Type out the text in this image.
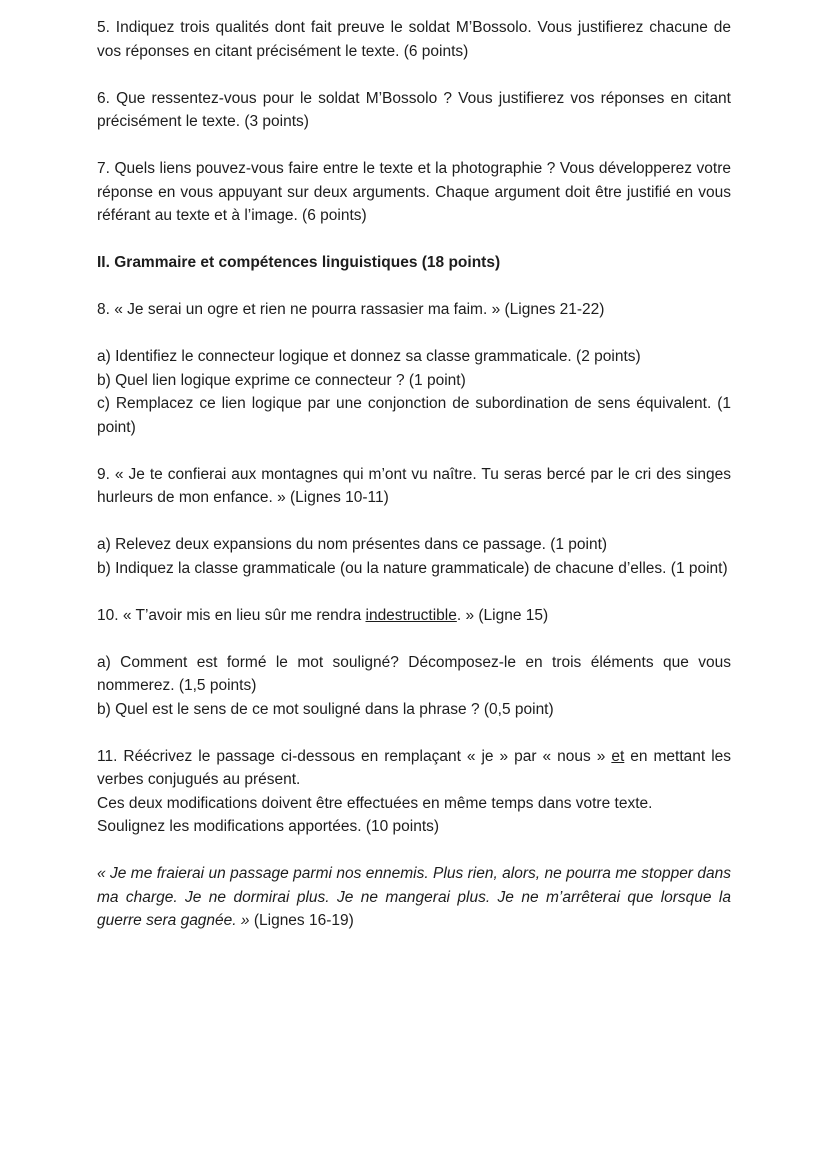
5. Indiquez trois qualités dont fait preuve le soldat M’Bossolo. Vous justifierez chacune de vos réponses en citant précisément le texte. (6 points)

6. Que ressentez-vous pour le soldat M’Bossolo ? Vous justifierez vos réponses en citant précisément le texte. (3 points)

7. Quels liens pouvez-vous faire entre le texte et la photographie ? Vous développerez votre réponse en vous appuyant sur deux arguments. Chaque argument doit être justifié en vous référant au texte et à l’image. (6 points)

II. Grammaire et compétences linguistiques (18 points)

8. « Je serai un ogre et rien ne pourra rassasier ma faim. » (Lignes 21-22)

a) Identifiez le connecteur logique et donnez sa classe grammaticale. (2 points)
b) Quel lien logique exprime ce connecteur ? (1 point)
c) Remplacez ce lien logique par une conjonction de subordination de sens équivalent. (1 point)

9. « Je te confierai aux montagnes qui m’ont vu naître. Tu seras bercé par le cri des singes hurleurs de mon enfance. » (Lignes 10-11)

a) Relevez deux expansions du nom présentes dans ce passage. (1 point)
b) Indiquez la classe grammaticale (ou la nature grammaticale) de chacune d’elles. (1 point)

10. « T’avoir mis en lieu sûr me rendra indestructible. » (Ligne 15)

a) Comment est formé le mot souligné? Décomposez-le en trois éléments que vous nommerez. (1,5 points)
b) Quel est le sens de ce mot souligné dans la phrase ? (0,5 point)

11. Réécrivez le passage ci-dessous en remplaçant « je » par « nous » et en mettant les verbes conjugués au présent.
Ces deux modifications doivent être effectuées en même temps dans votre texte.
Soulignez les modifications apportées. (10 points)

« Je me fraierai un passage parmi nos ennemis. Plus rien, alors, ne pourra me stopper dans ma charge. Je ne dormirai plus. Je ne mangerai plus. Je ne m’arrêterai que lorsque la guerre sera gagnée. » (Lignes 16-19)
